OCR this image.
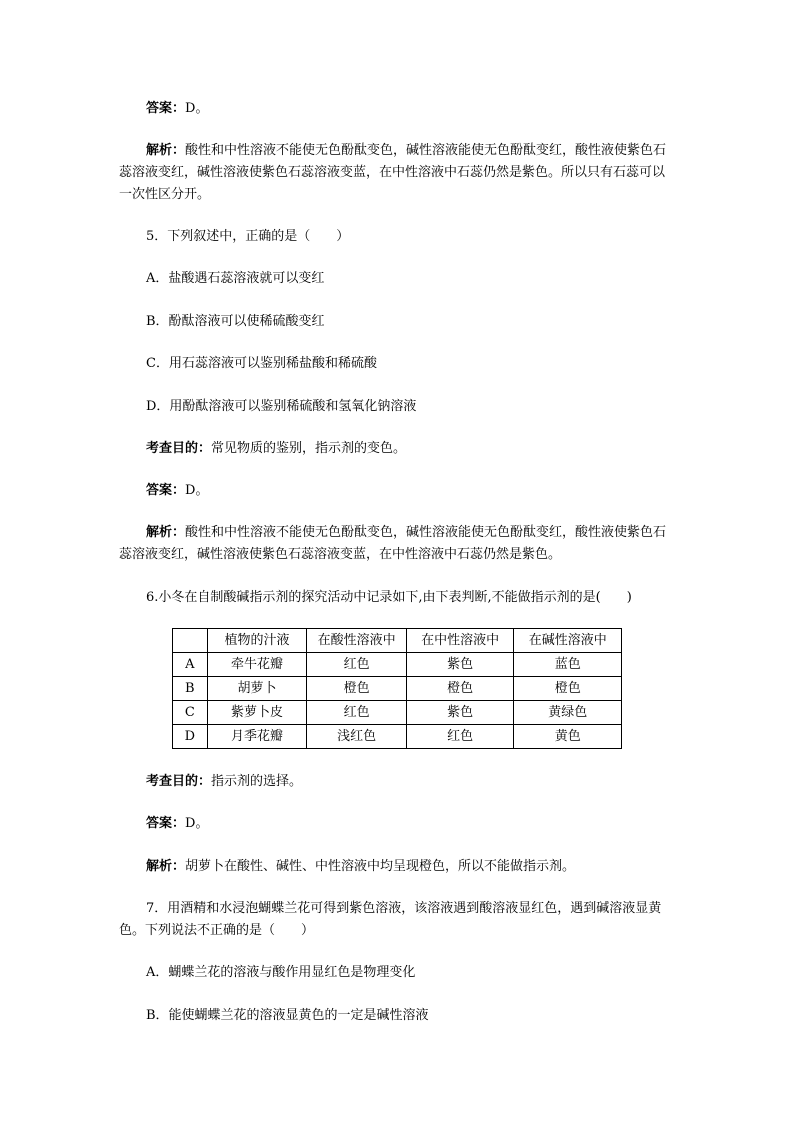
答案：D。

解析：酸性和中性溶液不能使无色酚酞变色，碱性溶液能使无色酚酞变红，酸性液使紫色石蕊溶液变红，碱性溶液使紫色石蕊溶液变蓝，在中性溶液中石蕊仍然是紫色。所以只有石蕊可以一次性区分开。

5．下列叙述中，正确的是（　　）

A．盐酸遇石蕊溶液就可以变红

B．酚酞溶液可以使稀硫酸变红

C．用石蕊溶液可以鉴别稀盐酸和稀硫酸

D．用酚酞溶液可以鉴别稀硫酸和氢氧化钠溶液

考查目的：常见物质的鉴别，指示剂的变色。

答案：D。

解析：酸性和中性溶液不能使无色酚酞变色，碱性溶液能使无色酚酞变红，酸性液使紫色石蕊溶液变红，碱性溶液使紫色石蕊溶液变蓝，在中性溶液中石蕊仍然是紫色。

6.小冬在自制酸碱指示剂的探究活动中记录如下,由下表判断,不能做指示剂的是(　　)

	植物的汁液	在酸性溶液中	在中性溶液中	在碱性溶液中
A	牵牛花瓣	红色	紫色	蓝色
B	胡萝卜	橙色	橙色	橙色
C	紫萝卜皮	红色	紫色	黄绿色
D	月季花瓣	浅红色	红色	黄色

考查目的：指示剂的选择。

答案：D。

解析：胡萝卜在酸性、碱性、中性溶液中均呈现橙色，所以不能做指示剂。

7．用酒精和水浸泡蝴蝶兰花可得到紫色溶液，该溶液遇到酸溶液显红色，遇到碱溶液显黄色。下列说法不正确的是（　　）

A．蝴蝶兰花的溶液与酸作用显红色是物理变化

B．能使蝴蝶兰花的溶液显黄色的一定是碱性溶液
